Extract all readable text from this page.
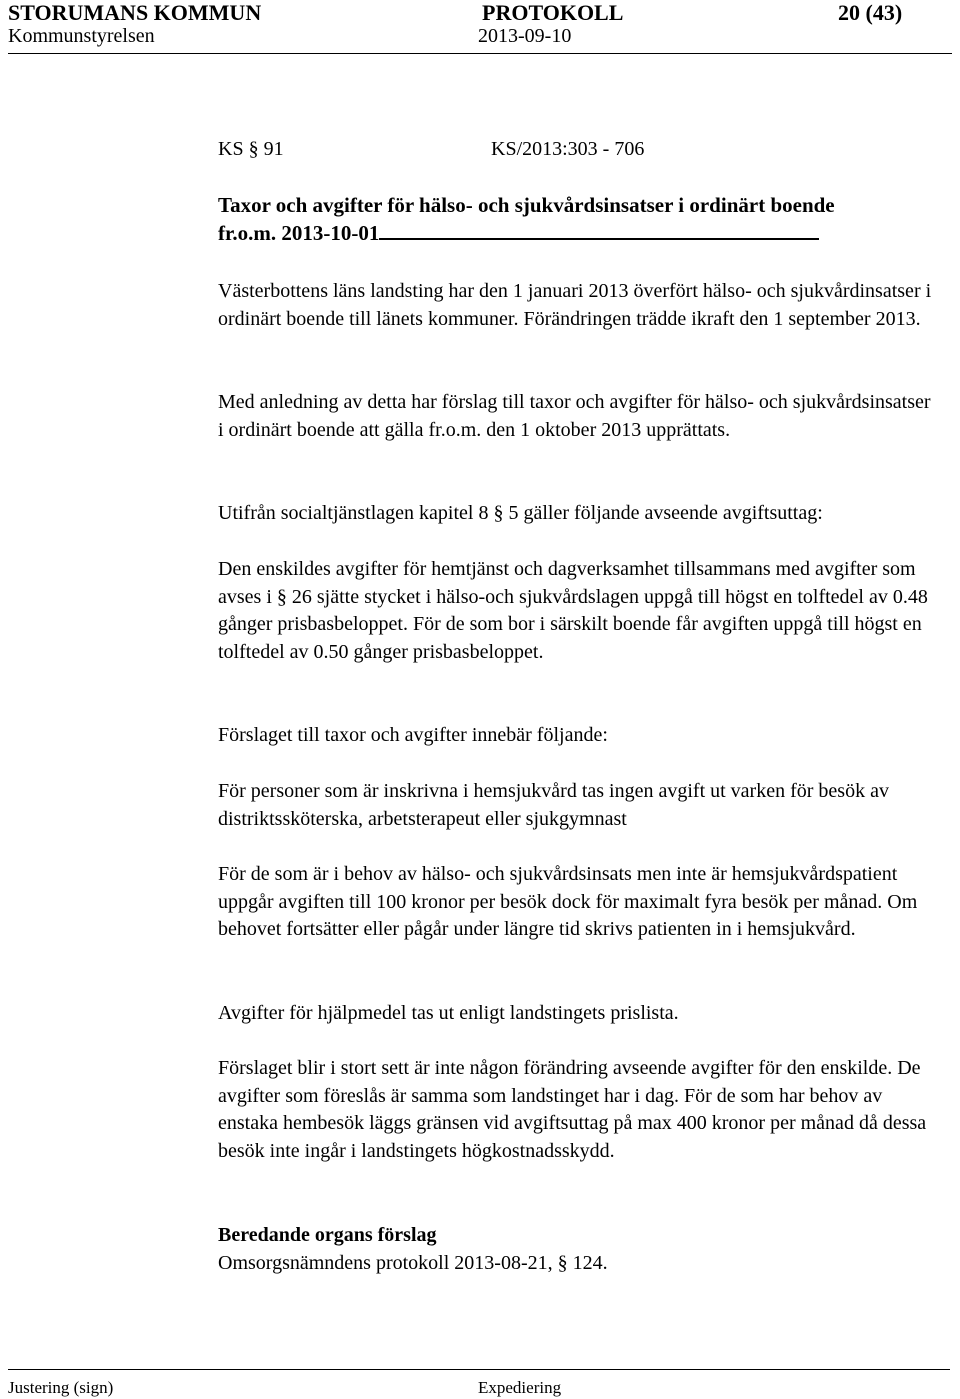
STORUMANS KOMMUN	PROTOKOLL	20 (43)
Kommunstyrelsen	2013-09-10
KS § 91	KS/2013:303 - 706
Taxor och avgifter för hälso- och sjukvårdsinsatser i ordinärt boende
fr.o.m. 2013-10-01

Västerbottens läns landsting har den 1 januari 2013 överfört hälso- och sjukvårdinsatser i ordinärt boende till länets kommuner. Förändringen trädde ikraft den 1 september 2013.

Med anledning av detta har förslag till taxor och avgifter för hälso- och sjukvårdsinsatser i ordinärt boende att gälla fr.o.m. den 1 oktober 2013 upprättats.

Utifrån socialtjänstlagen kapitel 8 § 5 gäller följande avseende avgiftsuttag:

Den enskildes avgifter för hemtjänst och dagverksamhet tillsammans med avgifter som avses i § 26 sjätte stycket i hälso-och sjukvårdslagen uppgå till högst en tolftedel av 0.48 gånger prisbasbeloppet. För de som bor i särskilt boende får avgiften uppgå till högst en tolftedel av 0.50 gånger prisbasbeloppet.

Förslaget till taxor och avgifter innebär följande:

För personer som är inskrivna i hemsjukvård tas ingen avgift ut varken för besök av distriktssköterska, arbetsterapeut eller sjukgymnast

För de som är i behov av hälso- och sjukvårdsinsats men inte är hemsjukvårdspatient uppgår avgiften till 100 kronor per besök dock för maximalt fyra besök per månad. Om behovet fortsätter eller pågår under längre tid skrivs patienten in i hemsjukvård.

Avgifter för hjälpmedel tas ut enligt landstingets prislista.

Förslaget blir i stort sett är inte någon förändring avseende avgifter för den enskilde. De avgifter som föreslås är samma som landstinget har i dag. För de som har behov av enstaka hembesök läggs gränsen vid avgiftsuttag på max 400 kronor per månad då dessa besök inte ingår i landstingets högkostnadsskydd.

Beredande organs förslag

Omsorgsnämndens protokoll 2013-08-21, § 124.

Justering (sign)	Expediering
